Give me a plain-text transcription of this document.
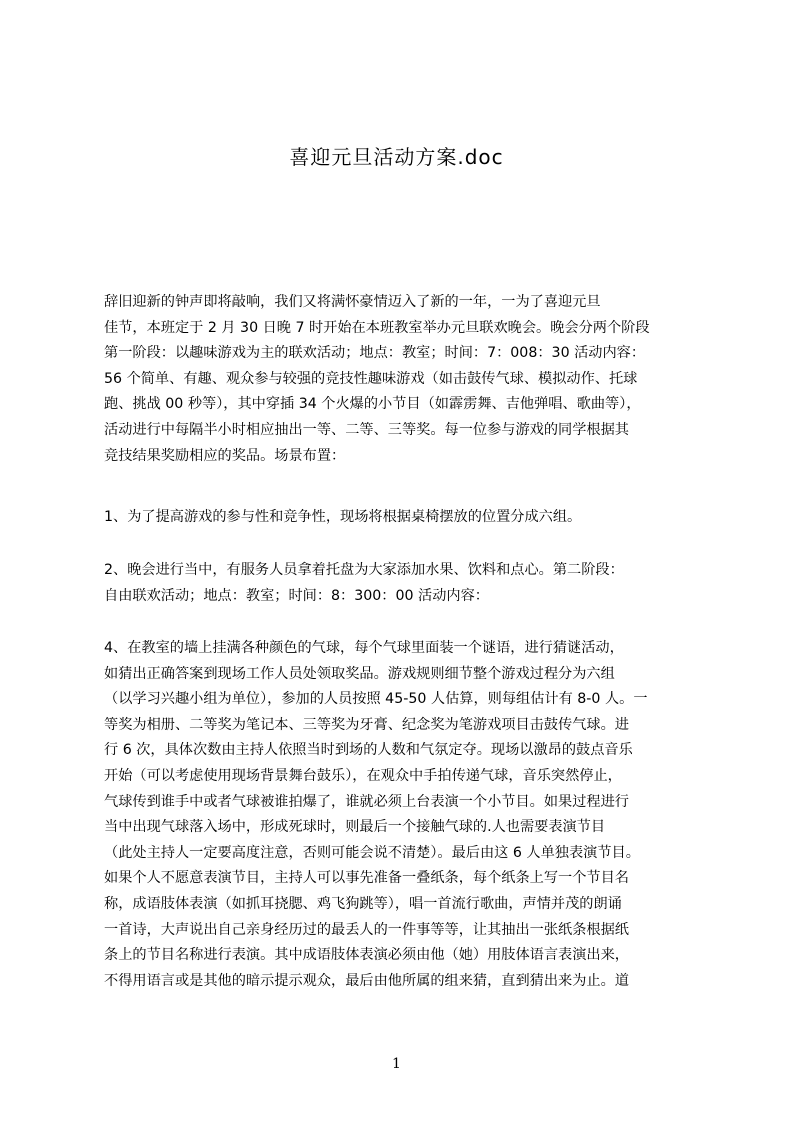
喜迎元旦活动方案.doc
辞旧迎新的钟声即将敲响，我们又将满怀豪情迈入了新的一年，一为了喜迎元旦
佳节，本班定于 2 月 30 日晚 7 时开始在本班教室举办元旦联欢晚会。晚会分两个阶段
第一阶段：以趣味游戏为主的联欢活动；地点：教室；时间：7：008：30 活动内容：
56 个简单、有趣、观众参与较强的竞技性趣味游戏（如击鼓传气球、模拟动作、托球
跑、挑战 00 秒等），其中穿插 34 个火爆的小节目（如霹雳舞、吉他弹唱、歌曲等），
活动进行中每隔半小时相应抽出一等、二等、三等奖。每一位参与游戏的同学根据其
竞技结果奖励相应的奖品。场景布置：
1、为了提高游戏的参与性和竞争性，现场将根据桌椅摆放的位置分成六组。
2、晚会进行当中，有服务人员拿着托盘为大家添加水果、饮料和点心。第二阶段：
自由联欢活动；地点：教室；时间：8：300：00 活动内容：
4、在教室的墙上挂满各种颜色的气球，每个气球里面装一个谜语，进行猜谜活动，
如猜出正确答案到现场工作人员处领取奖品。游戏规则细节整个游戏过程分为六组
（以学习兴趣小组为单位），参加的人员按照 45-50 人估算，则每组估计有 8-0 人。一
等奖为相册、二等奖为笔记本、三等奖为牙膏、纪念奖为笔游戏项目击鼓传气球。进
行 6 次，具体次数由主持人依照当时到场的人数和气氛定夺。现场以激昂的鼓点音乐
开始（可以考虑使用现场背景舞台鼓乐），在观众中手拍传递气球，音乐突然停止，
气球传到谁手中或者气球被谁拍爆了，谁就必须上台表演一个小节目。如果过程进行
当中出现气球落入场中，形成死球时，则最后一个接触气球的.人也需要表演节目
（此处主持人一定要高度注意，否则可能会说不清楚）。最后由这 6 人单独表演节目。
如果个人不愿意表演节目，主持人可以事先准备一叠纸条，每个纸条上写一个节目名
称，成语肢体表演（如抓耳挠腮、鸡飞狗跳等），唱一首流行歌曲，声情并茂的朗诵
一首诗，大声说出自己亲身经历过的最丢人的一件事等等，让其抽出一张纸条根据纸
条上的节目名称进行表演。其中成语肢体表演必须由他（她）用肢体语言表演出来，
不得用语言或是其他的暗示提示观众，最后由他所属的组来猜，直到猜出来为止。道
1
